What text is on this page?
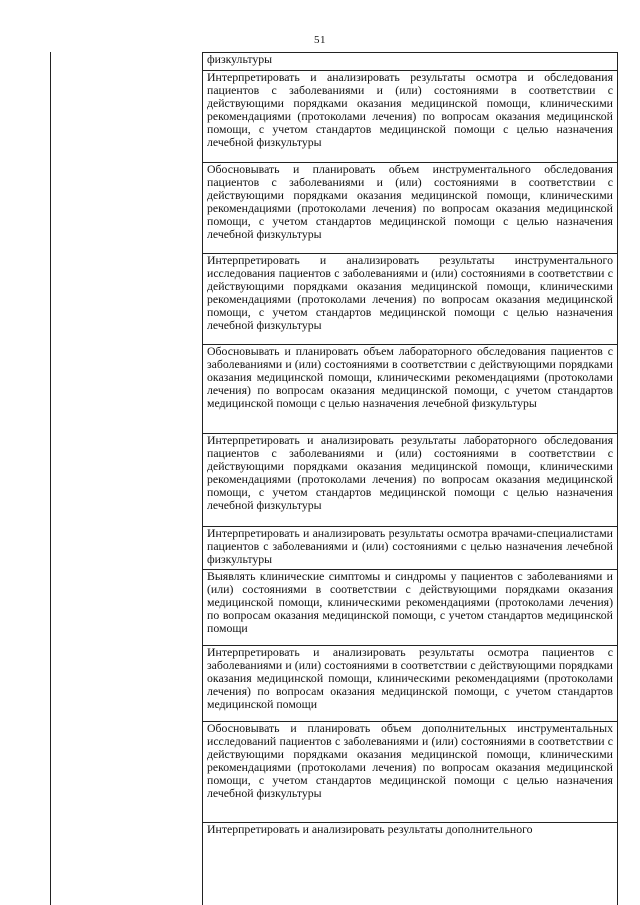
51
физкультуры
Интерпретировать и анализировать результаты осмотра и обследования пациентов с заболеваниями и (или) состояниями в соответствии с действующими порядками оказания медицинской помощи, клиническими рекомендациями (протоколами лечения) по вопросам оказания медицинской помощи, с учетом стандартов медицинской помощи с целью назначения лечебной физкультуры
Обосновывать и планировать объем инструментального обследования пациентов с заболеваниями и (или) состояниями в соответствии с действующими порядками оказания медицинской помощи, клиническими рекомендациями (протоколами лечения) по вопросам оказания медицинской помощи, с учетом стандартов медицинской помощи с целью назначения лечебной физкультуры
Интерпретировать и анализировать результаты инструментального исследования пациентов с заболеваниями и (или) состояниями в соответствии с действующими порядками оказания медицинской помощи, клиническими рекомендациями (протоколами лечения) по вопросам оказания медицинской помощи, с учетом стандартов медицинской помощи с целью назначения лечебной физкультуры
Обосновывать и планировать объем лабораторного обследования пациентов с заболеваниями и (или) состояниями в соответствии с действующими порядками оказания медицинской помощи, клиническими рекомендациями (протоколами лечения) по вопросам оказания медицинской помощи, с учетом стандартов медицинской помощи с целью назначения лечебной физкультуры
Интерпретировать и анализировать результаты лабораторного обследования пациентов с заболеваниями и (или) состояниями в соответствии с действующими порядками оказания медицинской помощи, клиническими рекомендациями (протоколами лечения) по вопросам оказания медицинской помощи, с учетом стандартов медицинской помощи с целью назначения лечебной физкультуры
Интерпретировать и анализировать результаты осмотра врачами-специалистами пациентов с заболеваниями и (или) состояниями с целью назначения лечебной физкультуры
Выявлять клинические симптомы и синдромы у пациентов с заболеваниями и (или) состояниями в соответствии с действующими порядками оказания медицинской помощи, клиническими рекомендациями (протоколами лечения) по вопросам оказания медицинской помощи, с учетом стандартов медицинской помощи
Интерпретировать и анализировать результаты осмотра пациентов с заболеваниями и (или) состояниями в соответствии с действующими порядками оказания медицинской помощи, клиническими рекомендациями (протоколами лечения) по вопросам оказания медицинской помощи, с учетом стандартов медицинской помощи
Обосновывать и планировать объем дополнительных инструментальных исследований пациентов с заболеваниями и (или) состояниями в соответствии с действующими порядками оказания медицинской помощи, клиническими рекомендациями (протоколами лечения) по вопросам оказания медицинской помощи, с учетом стандартов медицинской помощи с целью назначения лечебной физкультуры
Интерпретировать и анализировать результаты дополнительного
